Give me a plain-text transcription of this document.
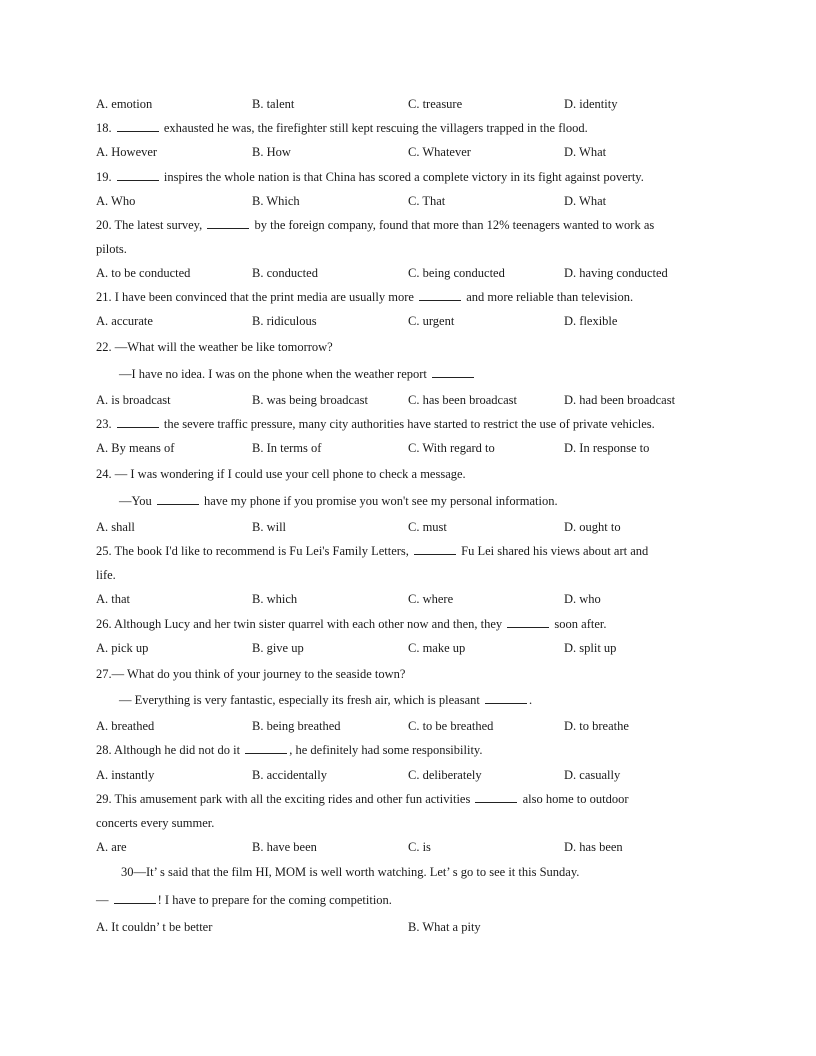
A. emotion	B. talent	C. treasure	D. identity
18.	exhausted he was, the firefighter still kept rescuing the villagers trapped in the flood.
A. However	B. How	C. Whatever	D. What
19.	inspires the whole nation is that China has scored a complete victory in its fight against poverty.
A. Who	B. Which	C. That	D. What
20. The latest survey,	by the foreign company, found that more than 12% teenagers wanted to work as
pilots.
A. to be conducted	B. conducted	C. being conducted	D. having conducted
21. I have been convinced that the print media are usually more	and more reliable than television.
A. accurate	B. ridiculous	C. urgent	D. flexible
22. —What will the weather be like tomorrow?
—I have no idea. I was on the phone when the weather report
A. is broadcast	B. was being broadcast	C. has been broadcast	D. had been broadcast
23.	the severe traffic pressure, many city authorities have started to restrict the use of private vehicles.
A. By means of	B. In terms of	C. With regard to	D. In response to
24. — I was wondering if I could use your cell phone to check a message.
—You	have my phone if you promise you won't see my personal information.
A. shall	B. will	C. must	D. ought to
25. The book I'd like to recommend is Fu Lei's Family Letters,	Fu Lei shared his views about art and
life.
A. that	B. which	C. where	D. who
26. Although Lucy and her twin sister quarrel with each other now and then, they	soon after.
A. pick up	B. give up	C. make up	D. split up
27.— What do you think of your journey to the seaside town?
— Everything is very fantastic, especially its fresh air, which is pleasant	.
A. breathed	B. being breathed	C. to be breathed	D. to breathe
28. Although he did not do it	, he definitely had some responsibility.
A. instantly	B. accidentally	C. deliberately	D. casually
29. This amusement park with all the exciting rides and other fun activities	also home to outdoor
concerts every summer.
A. are	B. have been	C. is	D. has been
30—It’ s said that the film HI, MOM is well worth watching. Let’ s go to see it this Sunday.
—	! I have to prepare for the coming competition.
A. It couldn’ t be better	B. What a pity
